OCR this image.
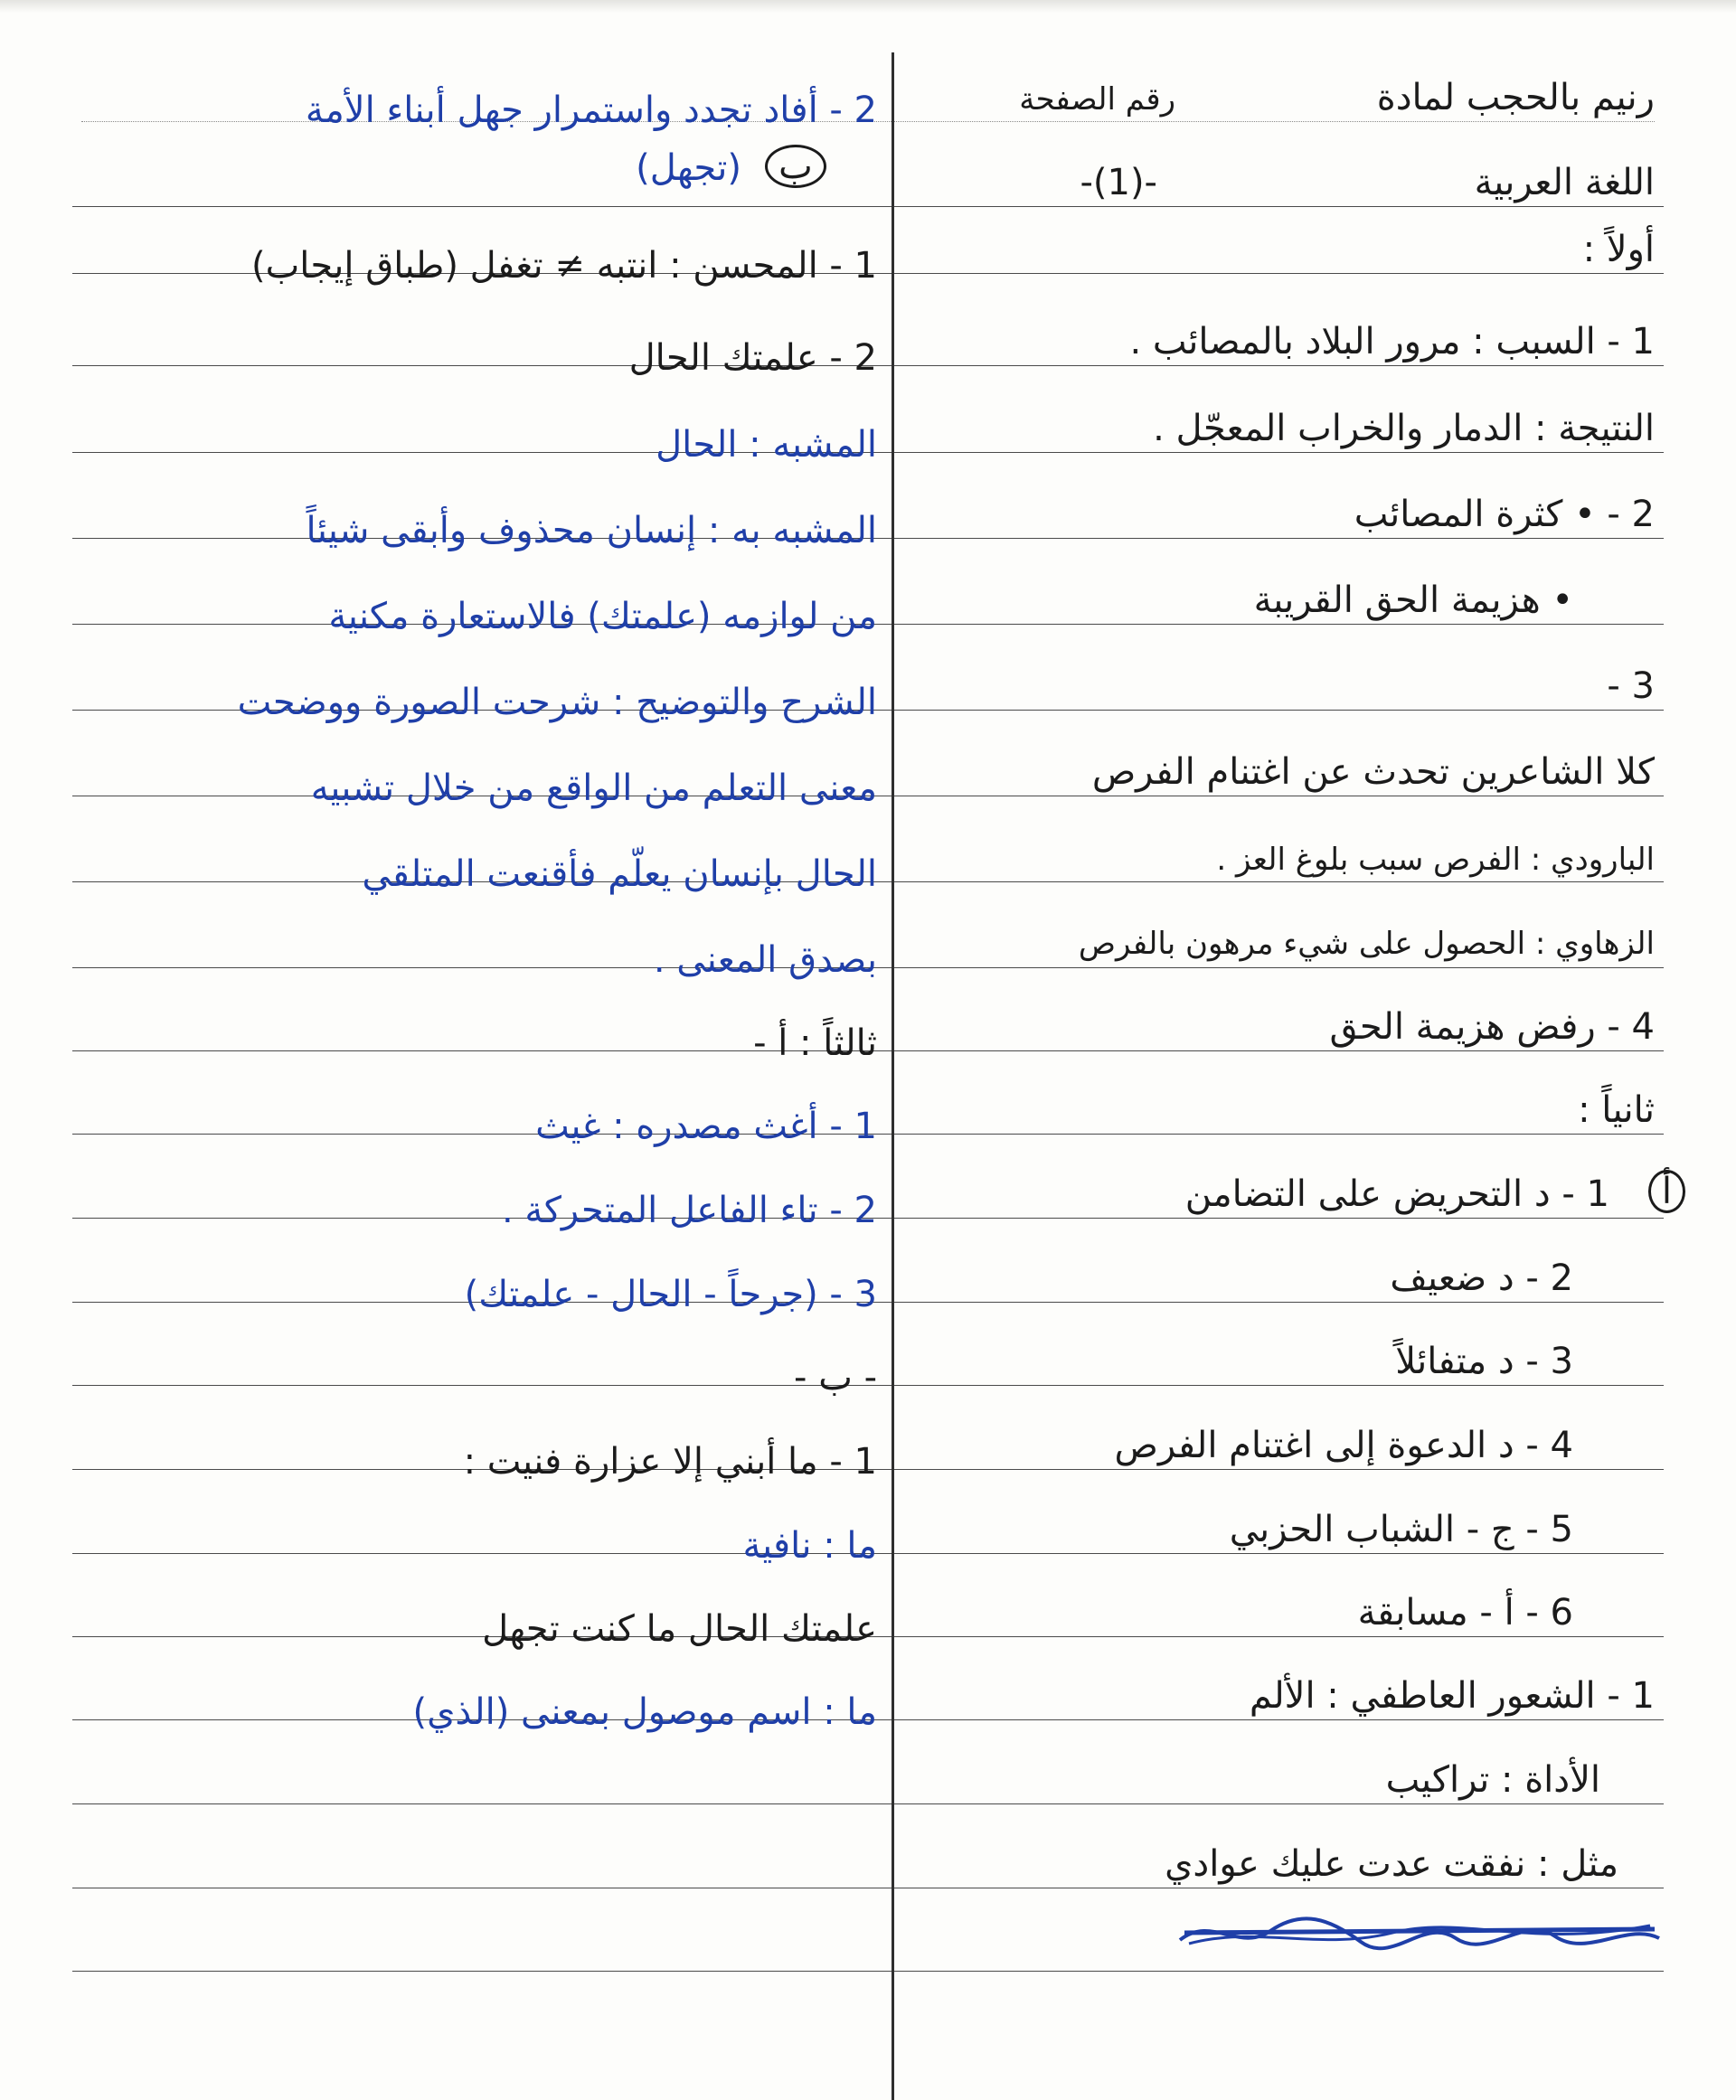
رنيم بالحجب لمادة
رقم الصفحة
اللغة العربية
-(1)-
أولاً :
1 - السبب : مرور البلاد بالمصائب .
النتيجة : الدمار والخراب المعجّل .
2 - • كثرة المصائب
• هزيمة الحق القريبة
3 -
كلا الشاعرين تحدث عن اغتنام الفرص
البارودي : الفرص سبب بلوغ العز .
الزهاوي : الحصول على شيء مرهون بالفرص
4 - رفض هزيمة الحق
ثانياً :
أ
1 - د التحريض على التضامن
2 - د ضعيف
3 - د متفائلاً
4 - د الدعوة إلى اغتنام الفرص
5 - ج - الشباب الحزبي
6 - أ - مسابقة
1 - الشعور العاطفي : الألم
الأداة : تراكيب
مثل : نفقت عدت عليك عوادي
2 - أفاد تجدد واستمرار جهل أبناء الأمة
(تجهل)	ب
1 - المحسن : انتبه ≠ تغفل (طباق إيجاب)
2 - علمتك الحال
المشبه : الحال
المشبه به : إنسان محذوف وأبقى شيئاً
من لوازمه (علمتك) فالاستعارة مكنية
الشرح والتوضيح : شرحت الصورة ووضحت
معنى التعلم من الواقع من خلال تشبيه
الحال بإنسان يعلّم فأقنعت المتلقي
بصدق المعنى .
ثالثاً : أ -
1 - أغث مصدره : غيث
2 - تاء الفاعل المتحركة .
3 - (جرحاً - الحال - علمتك)
- ب -
1 - ما أبني إلا عزارة فنيت :
ما : نافية
علمتك الحال ما كنت تجهل
ما : اسم موصول بمعنى (الذي)
